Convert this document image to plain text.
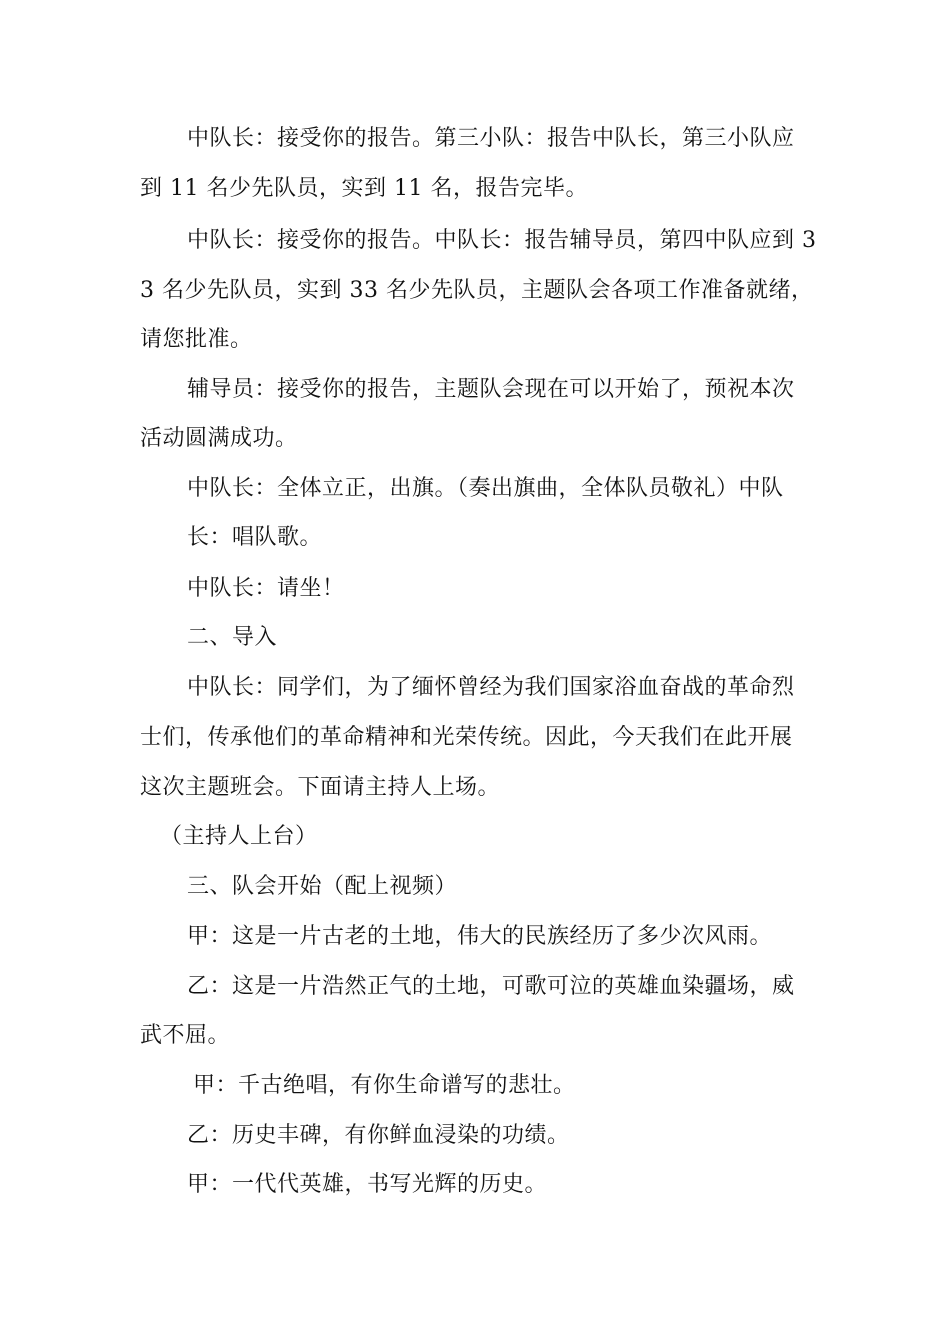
中队长：接受你的报告。第三小队：报告中队长，第三小队应
到 11 名少先队员，实到 11 名，报告完毕。
中队长：接受你的报告。中队长：报告辅导员，第四中队应到 3
3 名少先队员，实到 33 名少先队员，主题队会各项工作准备就绪，
请您批准。
辅导员：接受你的报告，主题队会现在可以开始了，预祝本次
活动圆满成功。
中队长：全体立正，出旗。（奏出旗曲，全体队员敬礼）中队
长：唱队歌。
中队长：请坐！
二、导入
中队长：同学们，为了缅怀曾经为我们国家浴血奋战的革命烈
士们，传承他们的革命精神和光荣传统。因此，今天我们在此开展
这次主题班会。下面请主持人上场。
（主持人上台）
三、队会开始（配上视频）
甲：这是一片古老的土地，伟大的民族经历了多少次风雨。
乙：这是一片浩然正气的土地，可歌可泣的英雄血染疆场，威
武不屈。
甲：千古绝唱，有你生命谱写的悲壮。
乙：历史丰碑，有你鲜血浸染的功绩。
甲：一代代英雄，书写光辉的历史。
